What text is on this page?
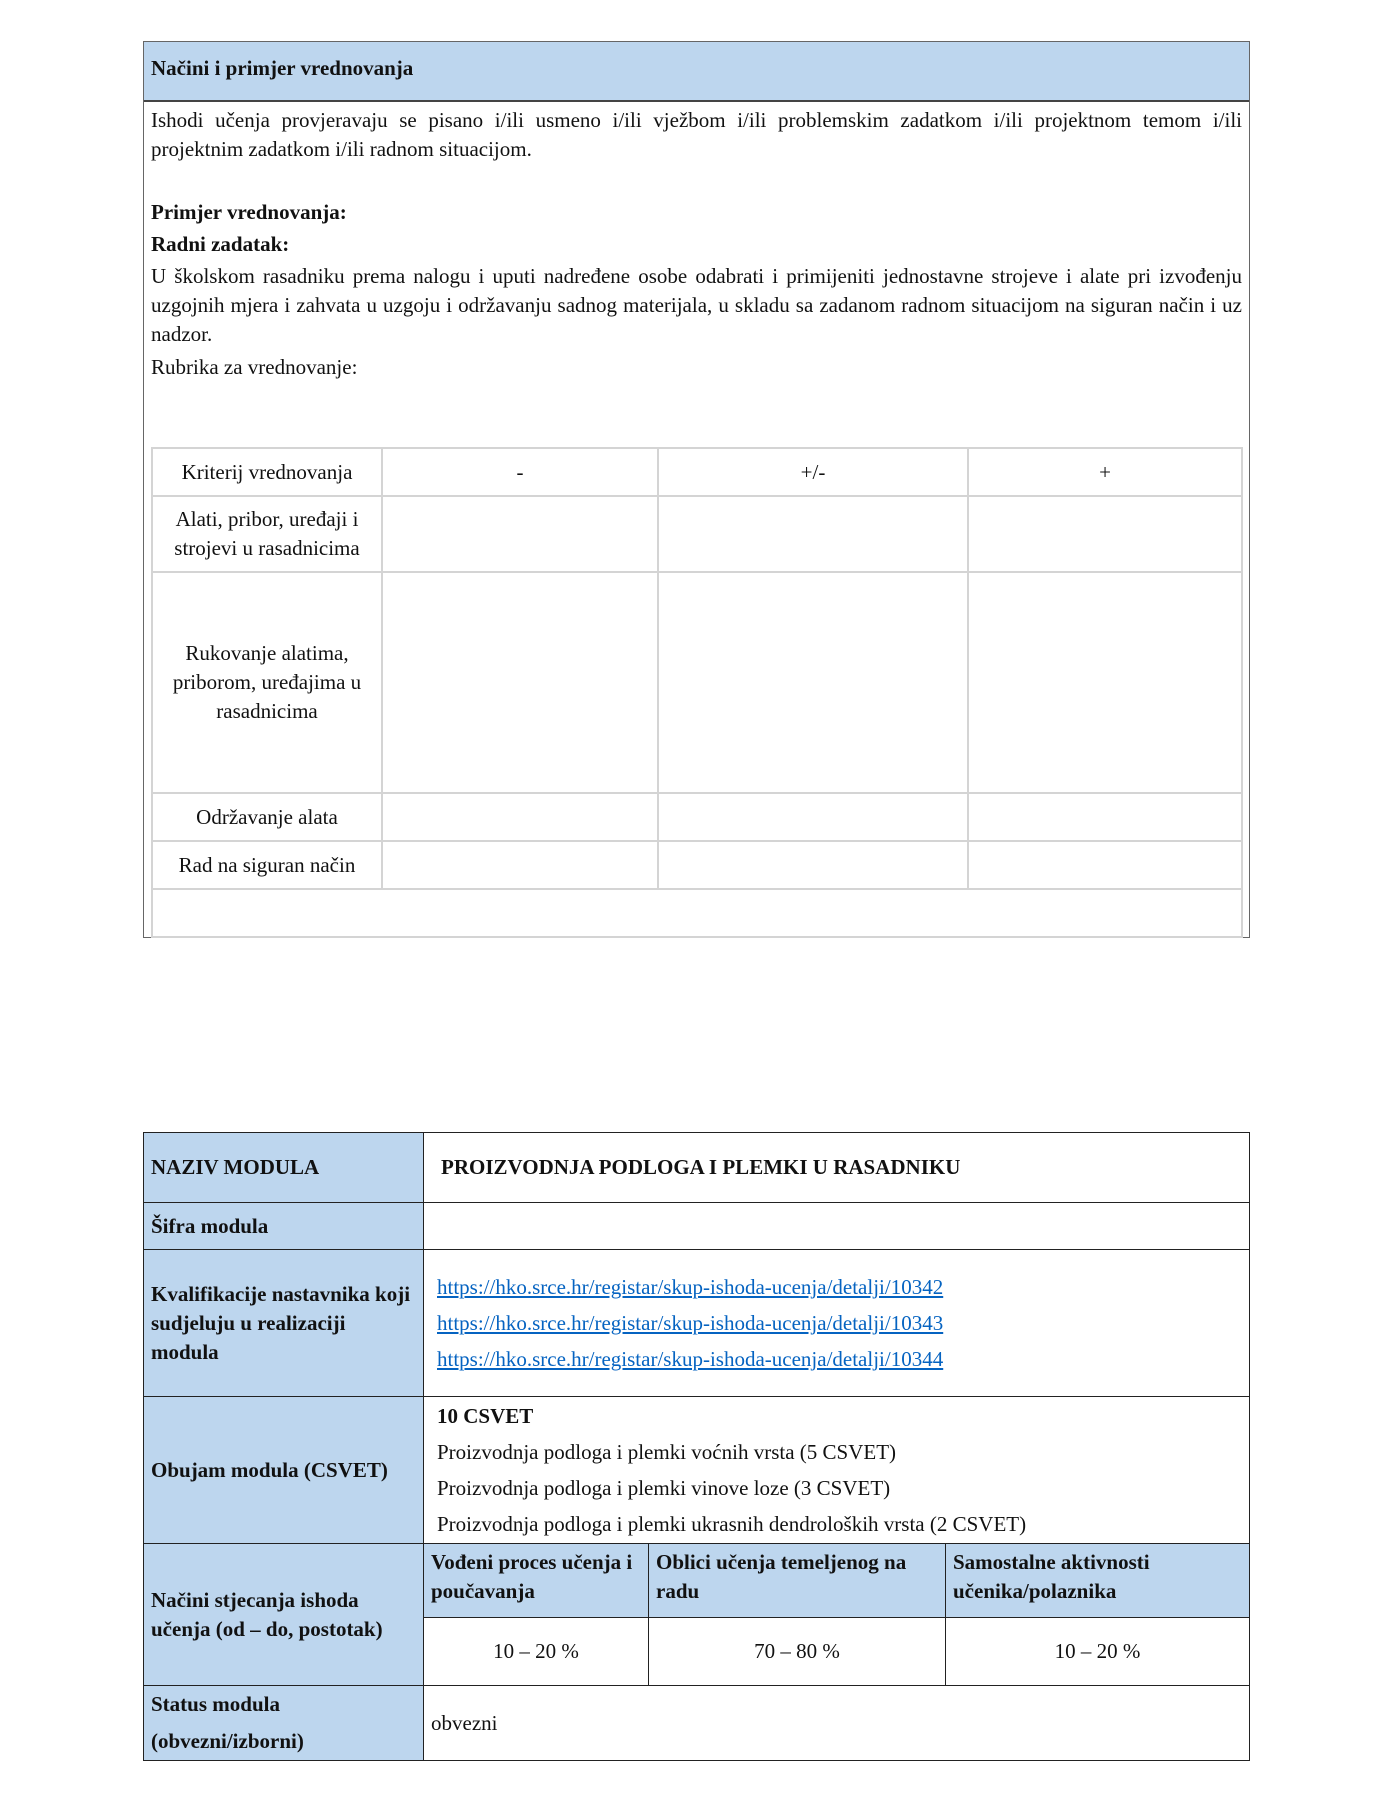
Načini i primjer vrednovanja
Ishodi učenja provjeravaju se pisano i/ili usmeno i/ili vježbom i/ili problemskim zadatkom i/ili projektnom temom i/ili projektnim zadatkom i/ili radnom situacijom.
Primjer vrednovanja:
Radni zadatak:
U školskom rasadniku prema nalogu i uputi nadređene osobe odabrati i primijeniti jednostavne strojeve i alate pri izvođenju uzgojnih mjera i zahvata u uzgoju i održavanju sadnog materijala, u skladu sa zadanom radnom situacijom na siguran način i uz nadzor.
Rubrika za vrednovanje:
Kriterij vrednovanja	-	+/-	+
Alati, pribor, uređaji i strojevi u rasadnicima			
Rukovanje alatima, priborom, uređajima u rasadnicima			
Održavanje alata			
Rad na siguran način			

NAZIV MODULA	PROIZVODNJA PODLOGA I PLEMKI U RASADNIKU		
Šifra modula			
Kvalifikacije nastavnika koji sudjeluju u realizaciji modula	https://hko.srce.hr/registar/skup-ishoda-ucenja/detalji/10342
https://hko.srce.hr/registar/skup-ishoda-ucenja/detalji/10343
https://hko.srce.hr/registar/skup-ishoda-ucenja/detalji/10344		
Obujam modula (CSVET)	10 CSVET
Proizvodnja podloga i plemki voćnih vrsta (5 CSVET)
Proizvodnja podloga i plemki vinove loze (3 CSVET)
Proizvodnja podloga i plemki ukrasnih dendroloških vrsta (2 CSVET)		

Načini stjecanja ishoda učenja (od – do, postotak)	Vođeni proces učenja i poučavanja	Oblici učenja temeljenog na radu	Samostalne aktivnosti učenika/polaznika
	10 – 20 %	70 – 80 %	10 – 20 %
Status modula (obvezni/izborni)	obvezni		
